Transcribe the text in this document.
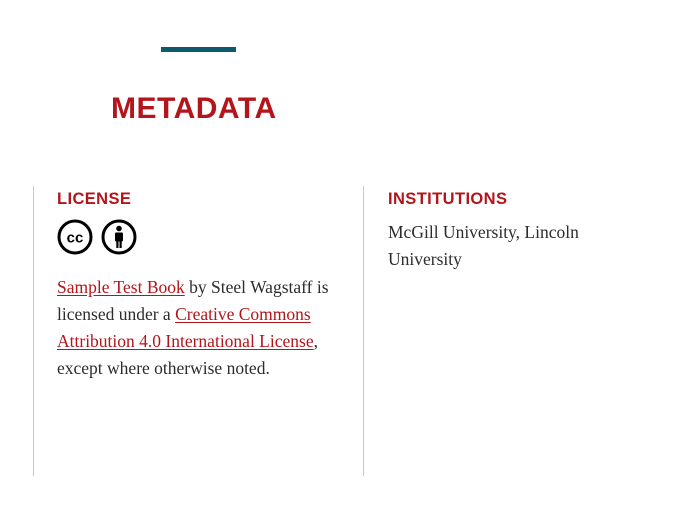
METADATA
LICENSE
cc
Sample Test Book by Steel Wagstaff is licensed under a Creative Commons Attribution 4.0 International License, except where otherwise noted.
INSTITUTIONS
McGill University, Lincoln University
